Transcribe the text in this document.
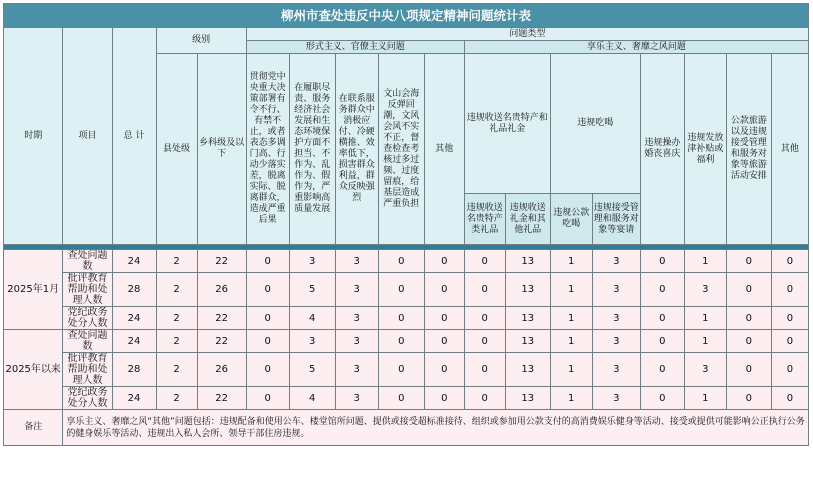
柳州市查处违反中央八项规定精神问题统计表																	
时期	项目	总 计	级别		问题类型												
					形式主义、官僚主义问题					享乐主义、奢靡之风问题							
			县处级	乡科级及以下	贯彻党中央重大决策部署有令不行、有禁不止，或者表态多调门高、行动少落实差，脱离实际、脱离群众，造成严重后果	在履职尽责、服务经济社会发展和生态环境保护方面不担当、不作为、乱作为、假作为，严重影响高质量发展	在联系服务群众中消极应付、冷硬横推、效率低下，损害群众利益，群众反映强烈	文山会海反弹回潮，文风会风不实不正，督查检查考核过多过频、过度留痕，给基层造成严重负担	其他	违规收送名贵特产和礼品礼金		违规吃喝		违规操办婚丧喜庆	违规发放津补贴或福利	公款旅游以及违规接受管理和服务对象等旅游活动安排	其他

										违规收送名贵特产类礼品	违规收送礼金和其他礼品	违规公款吃喝	违规接受管理和服务对象等宴请				

2025年1月	查处问题数	24	2	22	0	3	3	0	0	0	13	1	3	0	1	0	0
	批评教育帮助和处理人数	28	2	26	0	5	3	0	0	0	13	1	3	0	3	0	0
	党纪政务处分人数	24	2	22	0	4	3	0	0	0	13	1	3	0	1	0	0
2025年以来	查处问题数	24	2	22	0	3	3	0	0	0	13	1	3	0	1	0	0
	批评教育帮助和处理人数	28	2	26	0	5	3	0	0	0	13	1	3	0	3	0	0
	党纪政务处分人数	24	2	22	0	4	3	0	0	0	13	1	3	0	1	0	0
备注	享乐主义、奢靡之风“其他”问题包括：违规配备和使用公车、楼堂馆所问题、提供或接受超标准接待、组织或参加用公款支付的高消费娱乐健身等活动、接受或提供可能影响公正执行公务的健身娱乐等活动、违规出入私人会所、领导干部住房违规。																
